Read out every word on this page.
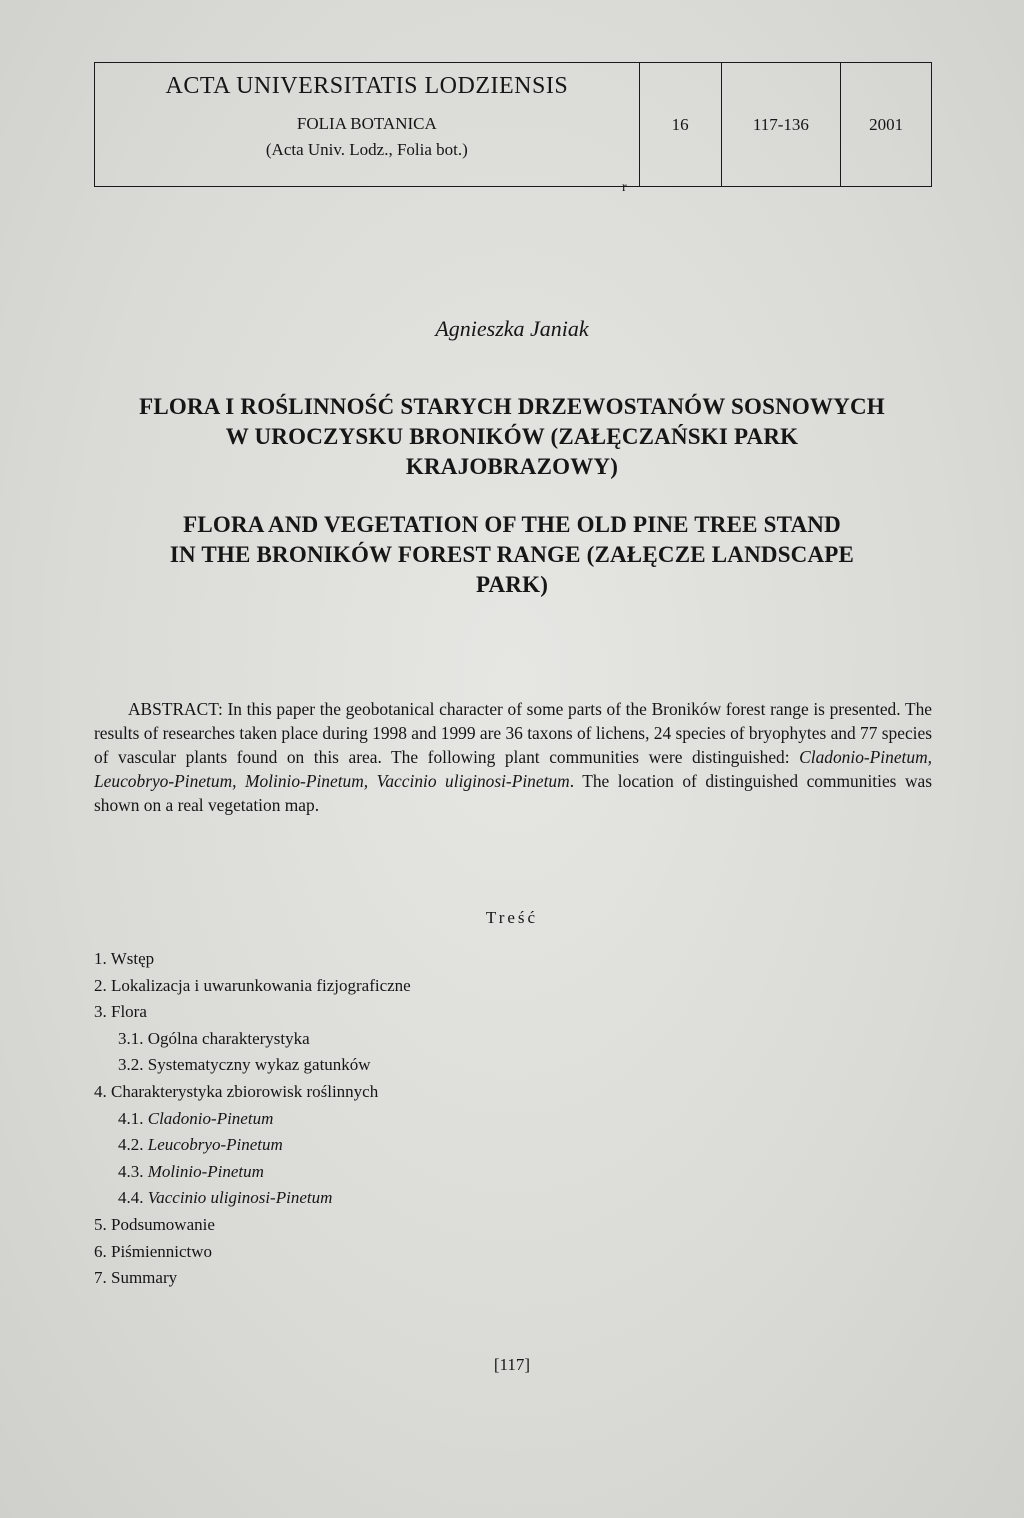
ACTA UNIVERSITATIS LODZIENSIS
FOLIA BOTANICA
(Acta Univ. Lodz., Folia bot.)
16	117-136	2001
r
Agnieszka Janiak
FLORA I ROŚLINNOŚĆ STARYCH DRZEWOSTANÓW SOSNOWYCH
W UROCZYSKU BRONIKÓW (ZAŁĘCZAŃSKI PARK
KRAJOBRAZOWY)
FLORA AND VEGETATION OF THE OLD PINE TREE STAND
IN THE BRONIKÓW FOREST RANGE (ZAŁĘCZE LANDSCAPE
PARK)
ABSTRACT: In this paper the geobotanical character of some parts of the Broników forest range is presented. The results of researches taken place during 1998 and 1999 are 36 taxons of lichens, 24 species of bryophytes and 77 species of vascular plants found on this area. The following plant communities were distinguished: Cladonio-Pinetum, Leucobryo-Pinetum, Molinio-Pinetum, Vaccinio uliginosi-Pinetum. The location of distinguished communities was shown on a real vegetation map.
Treść
1. Wstęp
2. Lokalizacja i uwarunkowania fizjograficzne
3. Flora
3.1. Ogólna charakterystyka
3.2. Systematyczny wykaz gatunków
4. Charakterystyka zbiorowisk roślinnych
4.1. Cladonio-Pinetum
4.2. Leucobryo-Pinetum
4.3. Molinio-Pinetum
4.4. Vaccinio uliginosi-Pinetum
5. Podsumowanie
6. Piśmiennictwo
7. Summary
[117]
